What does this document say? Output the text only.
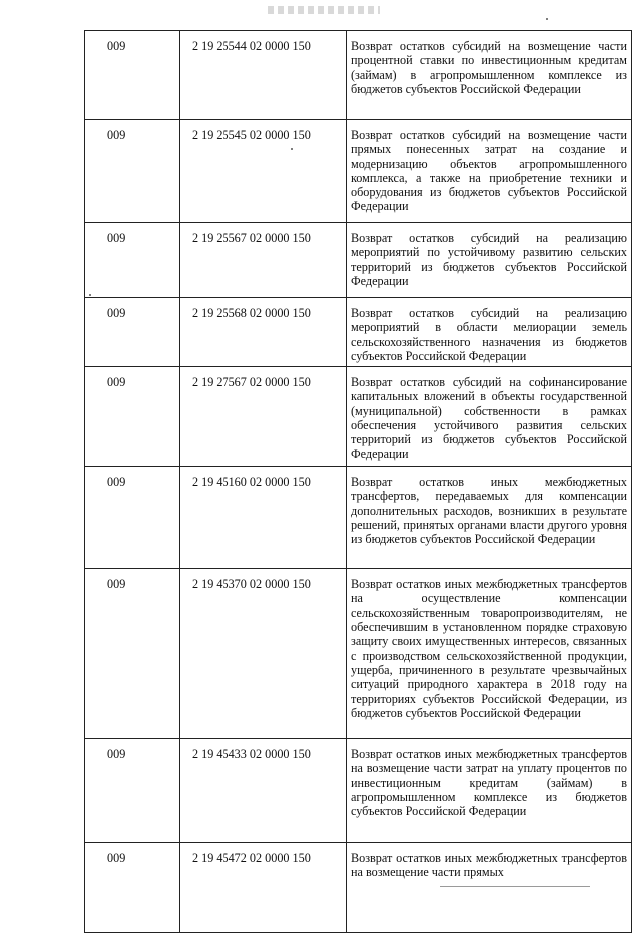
009	2 19 25544 02 0000 150	Возврат остатков субсидий на возмещение части процентной ставки по инвестиционным кредитам (займам) в агропромышленном комплексе из бюджетов субъектов Российской Федерации
009	2 19 25545 02 0000 150	Возврат остатков субсидий на возмещение части прямых понесенных затрат на создание и модернизацию объектов агропромышленного комплекса, а также на приобретение техники и оборудования из бюджетов субъектов Российской Федерации
009	2 19 25567 02 0000 150	Возврат остатков субсидий на реализацию мероприятий по устойчивому развитию сельских территорий из бюджетов субъектов Российской Федерации
009	2 19 25568 02 0000 150	Возврат остатков субсидий на реализацию мероприятий в области мелиорации земель сельскохозяйственного назначения из бюджетов субъектов Российской Федерации
009	2 19 27567 02 0000 150	Возврат остатков субсидий на софинансирование капитальных вложений в объекты государственной (муниципальной) собственности в рамках обеспечения устойчивого развития сельских территорий из бюджетов субъектов Российской Федерации
009	2 19 45160 02 0000 150	Возврат остатков иных межбюджетных трансфертов, передаваемых для компенсации дополнительных расходов, возникших в результате решений, принятых органами власти другого уровня из бюджетов субъектов Российской Федерации
009	2 19 45370 02 0000 150	Возврат остатков иных межбюджетных трансфертов на осуществление компенсации сельскохозяйственным товаропроизводителям, не обеспечившим в установленном порядке страховую защиту своих имущественных интересов, связанных с производством сельскохозяйственной продукции, ущерба, причиненного в результате чрезвычайных ситуаций природного характера в 2018 году на территориях субъектов Российской Федерации, из бюджетов субъектов Российской Федерации
009	2 19 45433 02 0000 150	Возврат остатков иных межбюджетных трансфертов на возмещение части затрат на уплату процентов по инвестиционным кредитам (займам) в агропромышленном комплексе из бюджетов субъектов Российской Федерации
009	2 19 45472 02 0000 150	Возврат остатков иных межбюджетных трансфертов на возмещение части прямых
